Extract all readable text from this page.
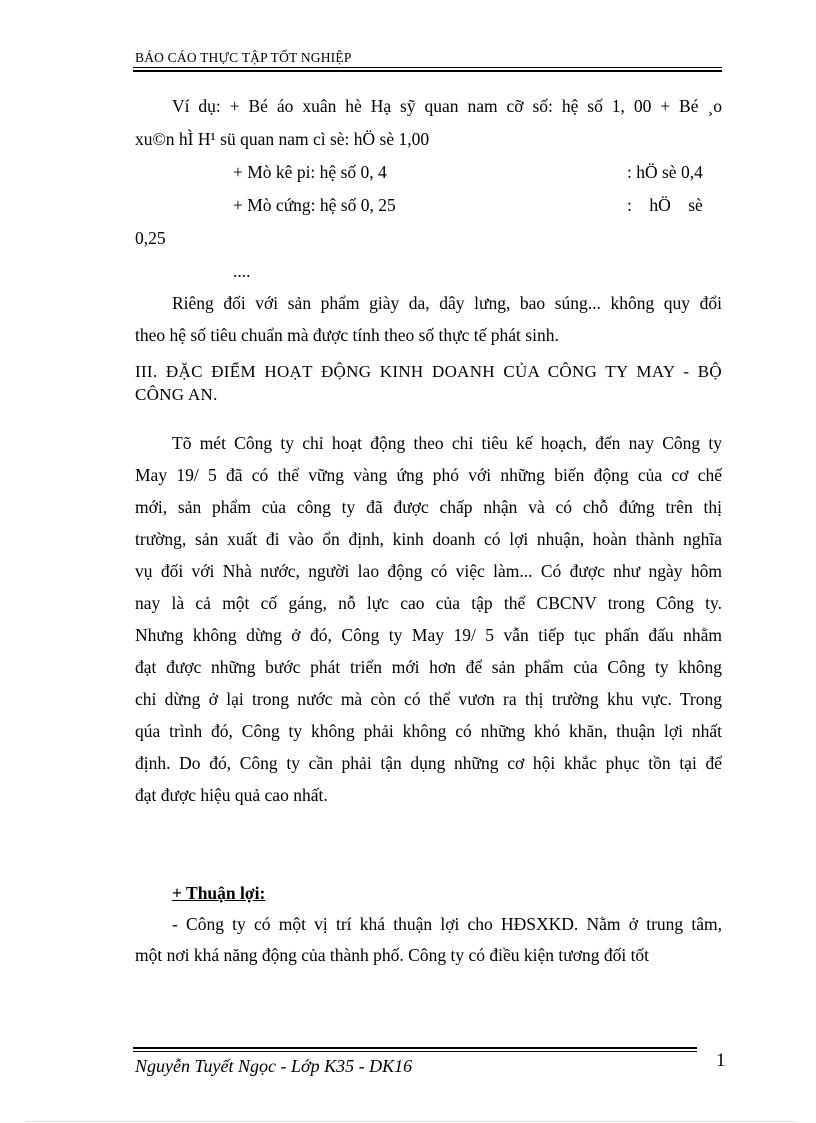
BÁO CÁO THỰC TẬP TỐT NGHIỆP
Ví dụ: + Bé áo xuân hè Hạ sỹ quan nam cỡ số: hệ số 1, 00 + Bé ¸o
xu©n hÌ H¹ sü quan nam cì sè: hÖ sè 1,00
+ Mò kê pi: hệ số 0, 4	: hÖ sè 0,4
+ Mò cứng: hệ số 0, 25	:    hÖ    sè
0,25
....
Riêng đối với sản phẩm giày da, dây lưng, bao súng... không quy đổi
theo hệ số tiêu chuẩn mà được tính theo số thực tế phát sinh.
III. ĐẶC ĐIỂM HOẠT ĐỘNG KINH DOANH CỦA CÔNG TY MAY - BỘ CÔNG AN.
Tõ mét Công ty chỉ hoạt động theo chỉ tiêu kế hoạch, đến nay Công ty
May 19/ 5 đã có thể vững vàng ứng phó với những biến động của cơ chế
mới, sản phẩm của công ty đã được chấp nhận và có chỗ đứng trên thị
trường, sản xuất đi vào ổn định, kinh doanh có lợi nhuận, hoàn thành nghĩa
vụ đối với Nhà nước, người lao động có việc làm... Có được như ngày hôm
nay là cả một cố gáng, nỗ lực cao của tập thể CBCNV trong Công ty.
Nhưng không dừng ở đó, Công ty May 19/ 5 vẫn tiếp tục phấn đấu nhằm
đạt được những bước phát triển mới hơn để sản phẩm của Công ty không
chỉ dừng ở lại trong nước mà còn có thể vươn ra thị trường khu vực. Trong
qúa trình đó, Công ty không phải không có những khó khăn, thuận lợi nhất
định. Do đó, Công ty cần phải tận dụng những cơ hội khắc phục tồn tại để
đạt được hiệu quả cao nhất.
+ Thuận lợi:
- Công ty có một vị trí khá thuận lợi cho HĐSXKD. Nằm ở trung tâm,
một nơi khá năng động của thành phố. Công ty có điều kiện tương đối tốt
Nguyễn Tuyết Ngọc - Lớp K35 - DK16	1
